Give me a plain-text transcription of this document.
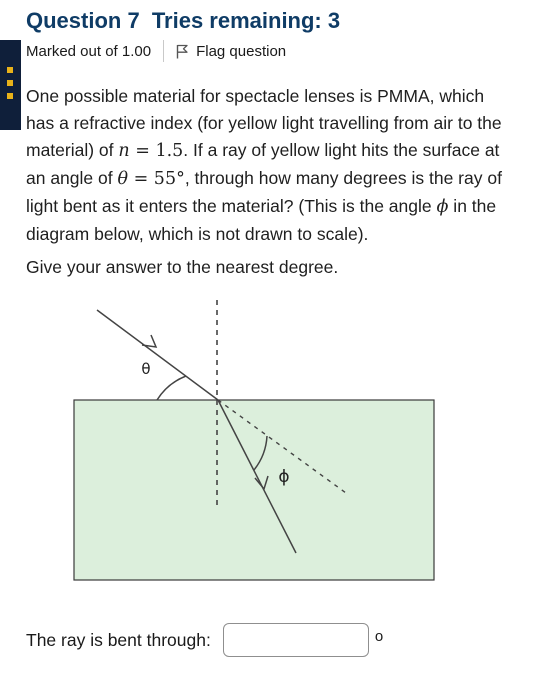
Question 7 Tries remaining: 3
Marked out of 1.00	Flag question
One possible material for spectacle lenses is PMMA, which has a refractive index (for yellow light travelling from air to the material) of n = 1.5. If a ray of yellow light hits the surface at an angle of θ = 55°, through how many degrees is the ray of light bent as it enters the material? (This is the angle ϕ in the diagram below, which is not drawn to scale).
Give your answer to the nearest degree.
θ
ϕ
The ray is bent through:	o
